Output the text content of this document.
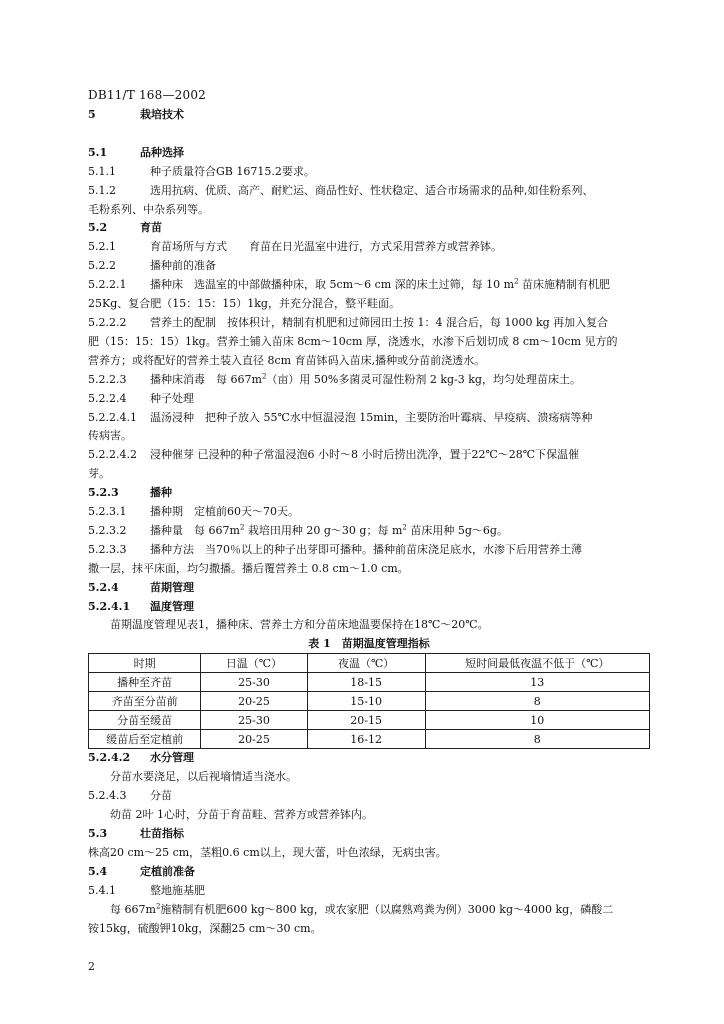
DB11/T 168—2002
5	栽培技术

5.1	品种选择
5.1.1	种子质量符合GB 16715.2要求。
5.1.2	选用抗病、优质、高产、耐贮运、商品性好、性状稳定、适合市场需求的品种,如佳粉系列、
毛粉系列、中杂系列等。
5.2	育苗
5.2.1	育苗场所与方式　　育苗在日光温室中进行，方式采用营养方或营养钵。
5.2.2	播种前的准备
5.2.2.1 播种床　选温室的中部做播种床，取 5cm～6 cm 深的床土过筛，每 10 $m^2$ 苗床施精制有机肥
25Kg、复合肥（15：15：15）1kg，并充分混合，整平畦面。
5.2.2.2 营养土的配制　按体积计，精制有机肥和过筛园田土按 1：4 混合后，每 1000 kg 再加入复合
肥（15：15：15）1kg。营养土铺入苗床 8cm～10cm 厚，浇透水，水渗下后划切成 8 cm～10cm 见方的
营养方；或将配好的营养土装入直径 8cm 育苗钵码入苗床,播种或分苗前浇透水。
5.2.2.3 播种床消毒　每 $667m^2$（亩）用 50%多菌灵可湿性粉剂 2 kg-3 kg，均匀处理苗床土。
5.2.2.4 种子处理
5.2.2.4.1 温汤浸种　把种子放入 55℃水中恒温浸泡 15min，主要防治叶霉病、早疫病、溃疡病等种
传病害。
5.2.2.4.2 浸种催芽 已浸种的种子常温浸泡6 小时～8 小时后捞出洗净，置于22℃～28℃下保温催
芽。
5.2.3	播种
5.2.3.1 播种期　定植前60天～70天。
5.2.3.2 播种量　每 $667m^2$ 栽培田用种 20 g～30 g；每 $m^2$ 苗床用种 5g～6g。
5.2.3.3 播种方法　当70％以上的种子出芽即可播种。播种前苗床浇足底水，水渗下后用营养土薄
撒一层，抹平床面，均匀撒播。播后覆营养土 0.8 cm～1.0 cm。
5.2.4	苗期管理
5.2.4.1 温度管理
苗期温度管理见表1，播种床、营养土方和分苗床地温要保持在18℃～20℃。
表 1　苗期温度管理指标
时期	日温（℃）	夜温（℃）	短时间最低夜温不低于（℃）
播种至齐苗	25-30	18-15	13
齐苗至分苗前	20-25	15-10	8
分苗至缓苗	25-30	20-15	10
缓苗后至定植前	20-25	16-12	8
5.2.4.2 水分管理
分苗水要浇足，以后视墒情适当浇水。
5.2.4.3 分苗
幼苗 2叶 1心时，分苗于育苗畦、营养方或营养钵内。
5.3	壮苗指标
株高20 cm～25 cm，茎粗0.6 cm以上，现大蕾，叶色浓绿，无病虫害。
5.4	定植前准备
5.4.1	整地施基肥
每 $667m^2$施精制有机肥600 kg～800 kg，或农家肥（以腐熟鸡粪为例）3000 kg～4000 kg，磷酸二
铵15kg，硫酸钾10kg，深翻25 cm～30 cm。
2
